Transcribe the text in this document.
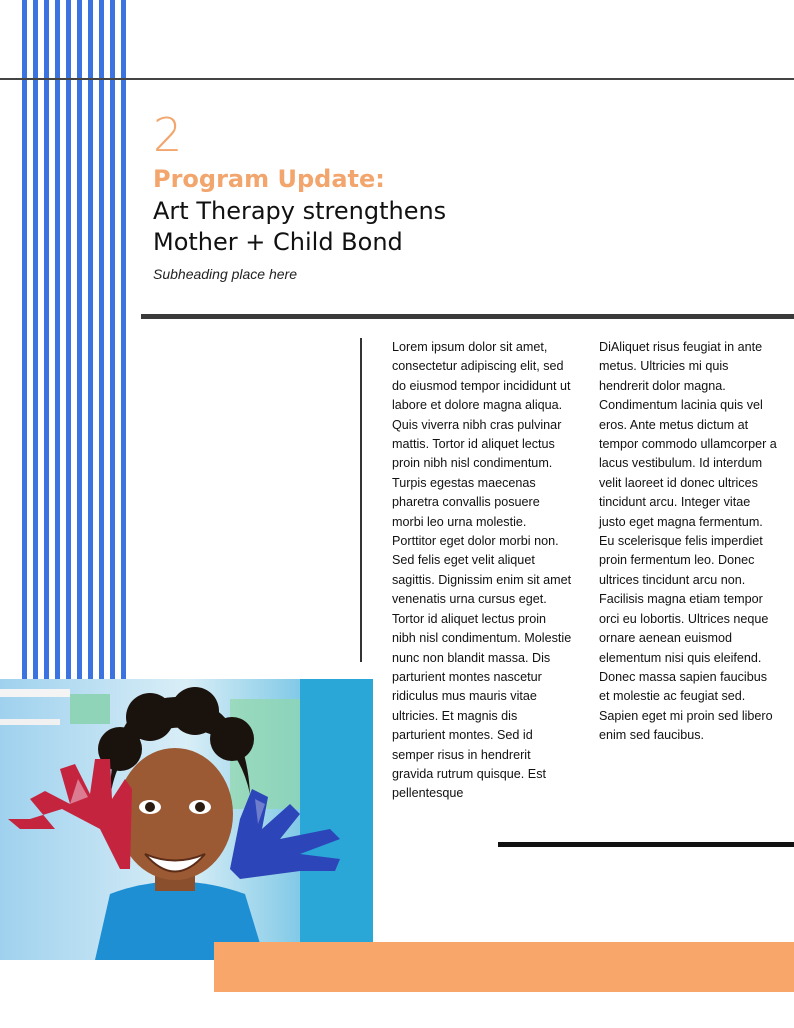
2
Program Update:
Art Therapy strengthens
Mother + Child Bond
Subheading place here
Lorem ipsum dolor sit amet, consectetur adipiscing elit, sed do eiusmod tempor incididunt ut labore et dolore magna aliqua. Quis viverra nibh cras pulvinar mattis. Tortor id aliquet lectus proin nibh nisl condimentum. Turpis egestas maecenas pharetra convallis posuere morbi leo urna molestie. Porttitor eget dolor morbi non. Sed felis eget velit aliquet sagittis. Dignissim enim sit amet venenatis urna cursus eget. Tortor id aliquet lectus proin nibh nisl condimentum. Molestie nunc non blandit massa. Dis parturient montes nascetur ridiculus mus mauris vitae ultricies. Et magnis dis parturient montes. Sed id semper risus in hendrerit gravida rutrum quisque. Est pellentesque
DiAliquet risus feugiat in ante metus. Ultricies mi quis hendrerit dolor magna. Condimentum lacinia quis vel eros. Ante metus dictum at tempor commodo ullamcorper a lacus vestibulum. Id interdum velit laoreet id donec ultrices tincidunt arcu. Integer vitae justo eget magna fermentum. Eu scelerisque felis imperdiet proin fermentum leo. Donec ultrices tincidunt arcu non. Facilisis magna etiam tempor orci eu lobortis. Ultrices neque ornare aenean euismod elementum nisi quis eleifend. Donec massa sapien faucibus et molestie ac feugiat sed. Sapien eget mi proin sed libero enim sed faucibus.
